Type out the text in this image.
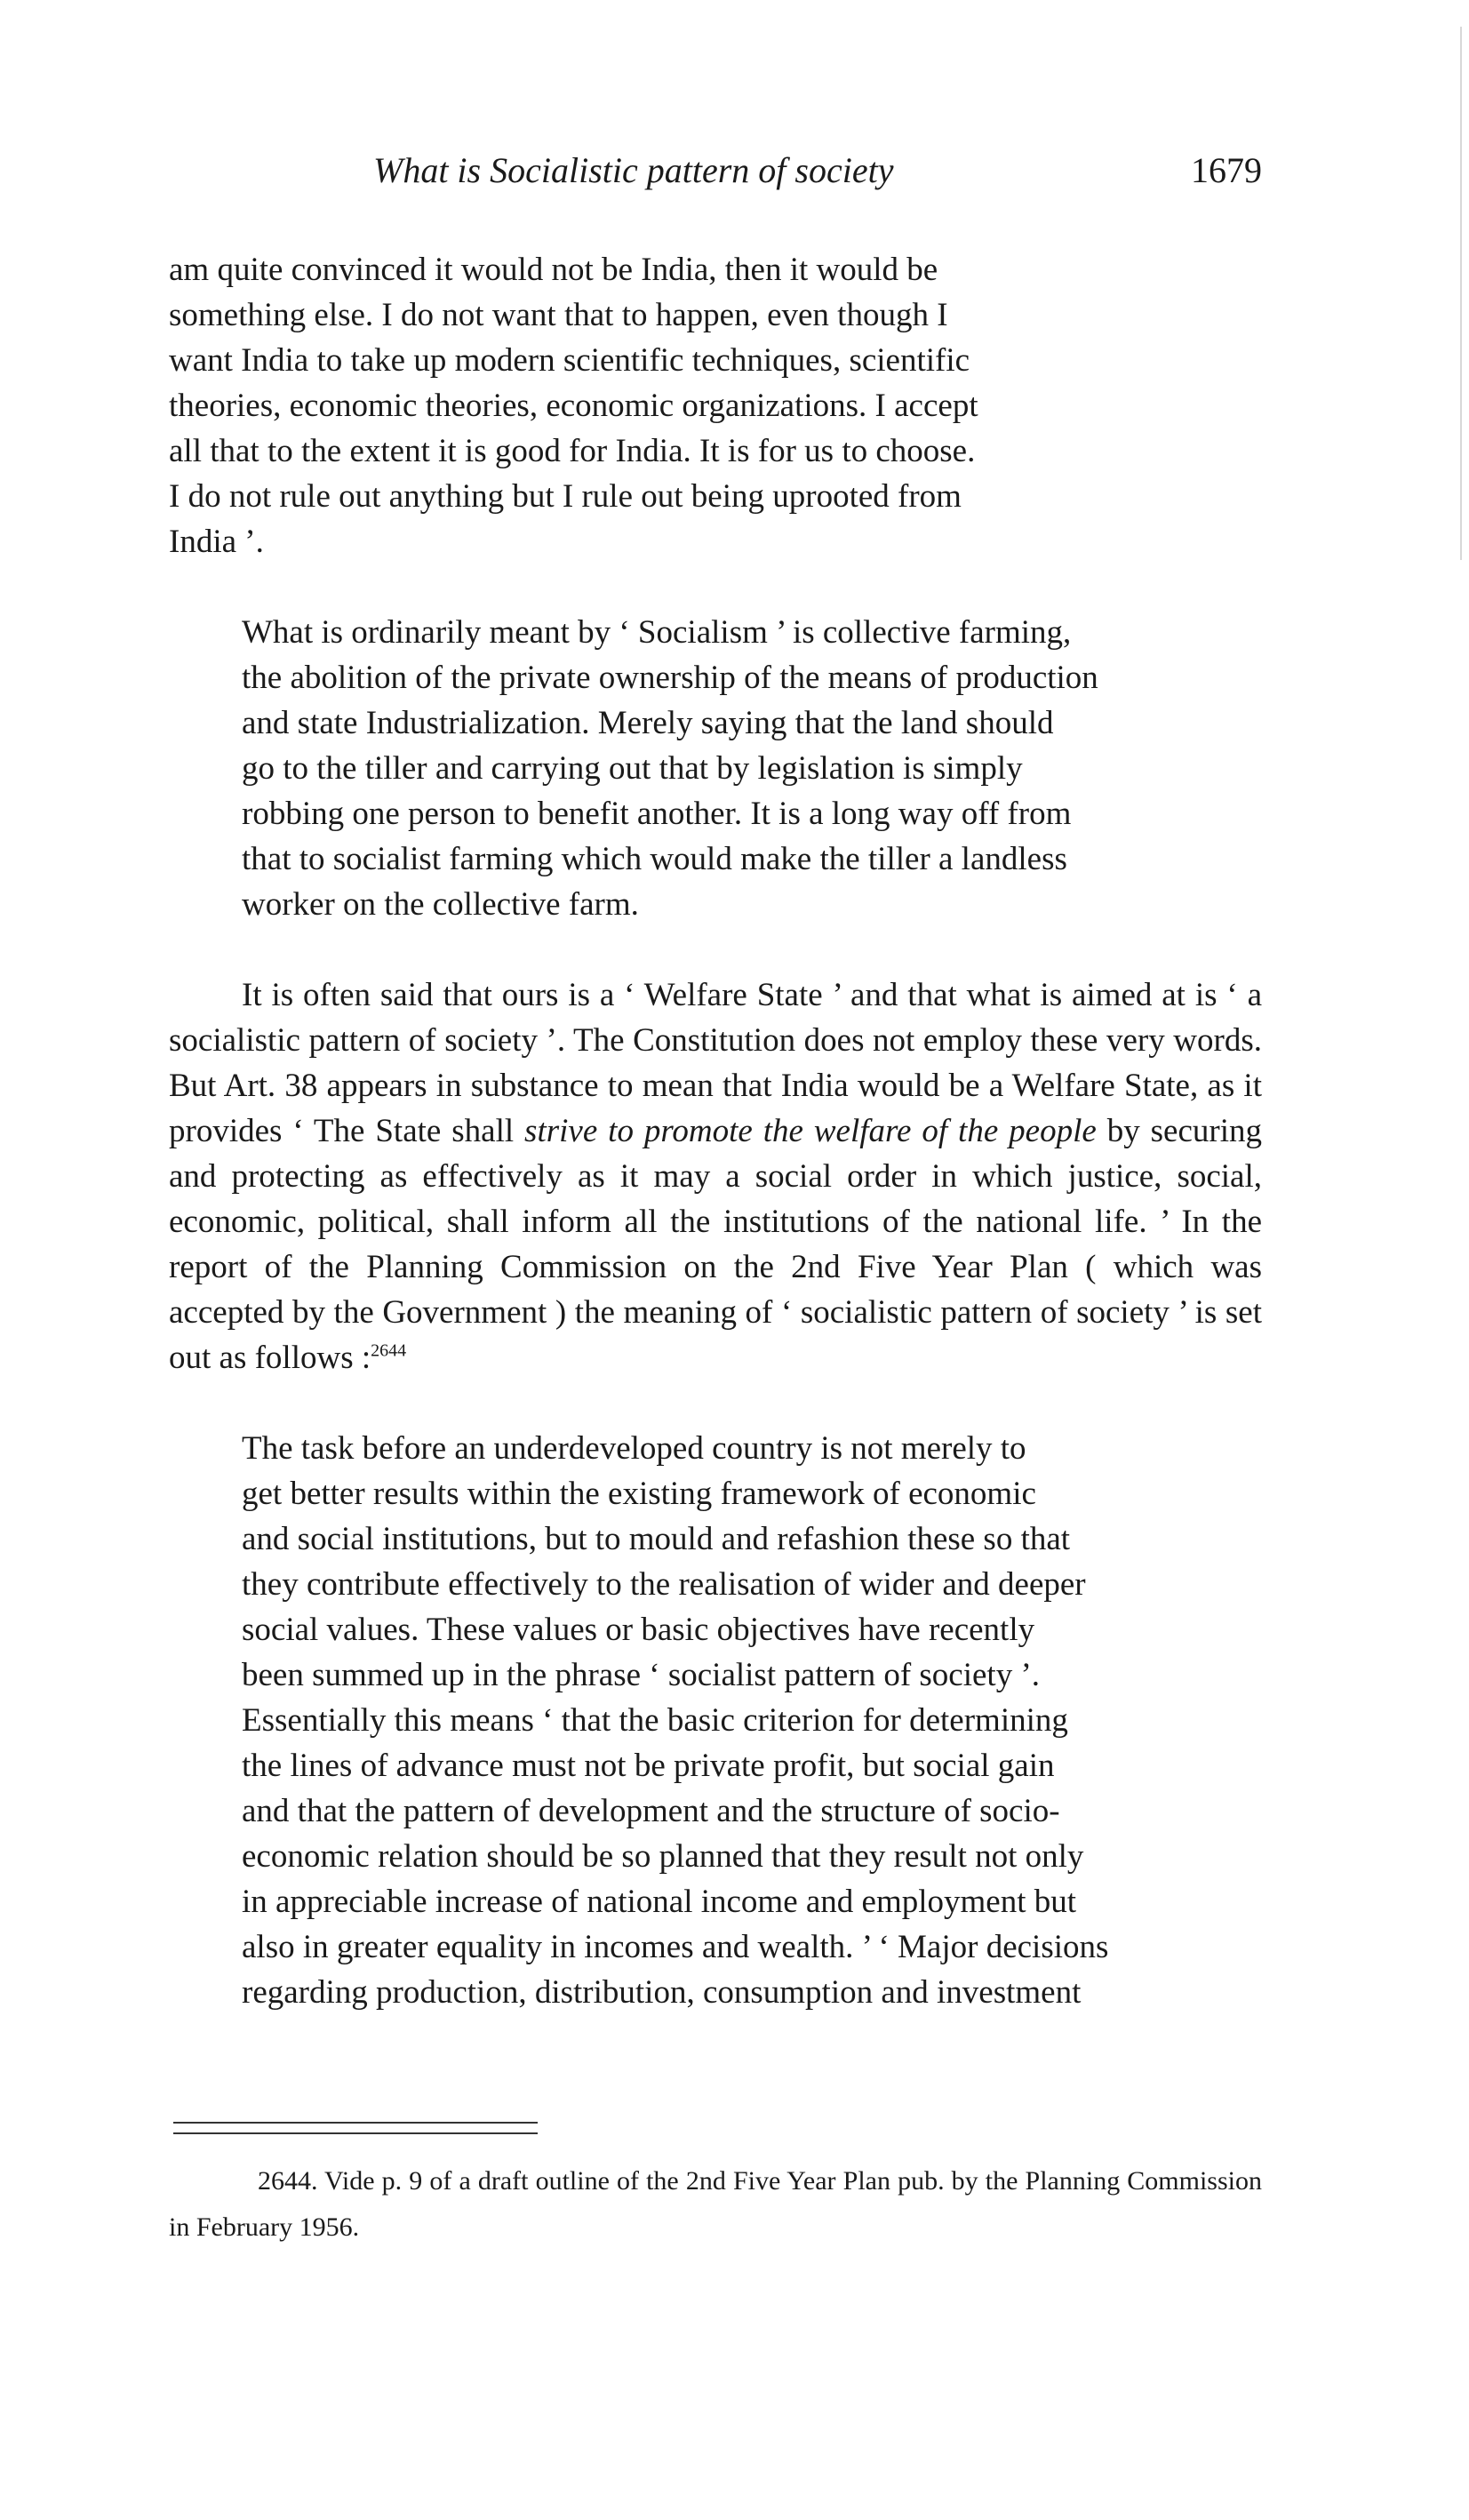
What is Socialistic pattern of society	1679

am quite convinced it would not be India, then it would be
something else. I do not want that to happen, even though I
want India to take up modern scientific techniques, scientific
theories, economic theories, economic organizations. I accept
all that to the extent it is good for India. It is for us to choose.
I do not rule out anything but I rule out being uprooted from
India ’.

What is ordinarily meant by ‘ Socialism ’ is collective farming,
the abolition of the private ownership of the means of production
and state Industrialization. Merely saying that the land should
go to the tiller and carrying out that by legislation is simply
robbing one person to benefit another. It is a long way off from
that to socialist farming which would make the tiller a landless
worker on the collective farm.

It is often said that ours is a ‘ Welfare State ’ and that what is aimed at is ‘ a socialistic pattern of society ’. The Constitution does not employ these very words. But Art. 38 appears in substance to mean that India would be a Welfare State, as it provides ‘ The State shall strive to promote the welfare of the people by securing and protecting as effectively as it may a social order in which justice, social, economic, political, shall inform all the institutions of the national life. ’ In the report of the Planning Commission on the 2nd Five Year Plan ( which was accepted by the Government ) the meaning of ‘ socialistic pattern of society ’ is set out as follows :$^{2644}$

The task before an underdeveloped country is not merely to
get better results within the existing framework of economic
and social institutions, but to mould and refashion these so that
they contribute effectively to the realisation of wider and deeper
social values. These values or basic objectives have recently
been summed up in the phrase ‘ socialist pattern of society ’.
Essentially this means ‘ that the basic criterion for determining
the lines of advance must not be private profit, but social gain
and that the pattern of development and the structure of socio-
economic relation should be so planned that they result not only
in appreciable increase of national income and employment but
also in greater equality in incomes and wealth. ’ ‘ Major decisions
regarding production, distribution, consumption and investment

2644. Vide p. 9 of a draft outline of the 2nd Five Year Plan pub. by the Planning Commission in February 1956.
